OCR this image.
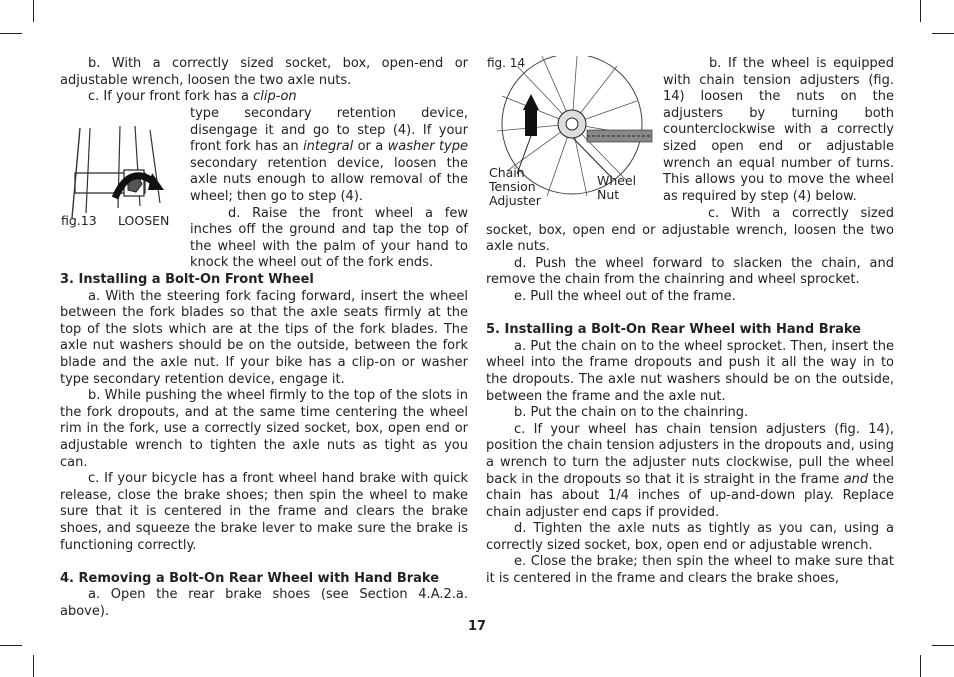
b. With a correctly sized socket, box, open-end or adjustable wrench, loosen the two axle nuts.

c. If your front fork has a clip-on

type secondary retention device, disengage it and go to step (4). If your front fork has an integral or a washer type secondary retention device, loosen the axle nuts enough to allow removal of the wheel; then go to step (4).

d. Raise the front wheel a few inches off the ground and tap the top of the wheel with the palm of your hand to knock the wheel out of the fork ends.

fig.13 LOOSEN

3. Installing a Bolt-On Front Wheel

a. With the steering fork facing forward, insert the wheel between the fork blades so that the axle seats firmly at the top of the slots which are at the tips of the fork blades. The axle nut washers should be on the outside, between the fork blade and the axle nut. If your bike has a clip-on or washer type secondary retention device, engage it.

b. While pushing the wheel firmly to the top of the slots in the fork dropouts, and at the same time centering the wheel rim in the fork, use a correctly sized socket, box, open end or adjustable wrench to tighten the axle nuts as tight as you can.

c. If your bicycle has a front wheel hand brake with quick release, close the brake shoes; then spin the wheel to make sure that it is centered in the frame and clears the brake shoes, and squeeze the brake lever to make sure the brake is functioning correctly.

4. Removing a Bolt-On Rear Wheel with Hand Brake

a. Open the rear brake shoes (see Section 4.A.2.a. above).

fig. 14
Chain Tension Adjuster
Wheel Nut

b. If the wheel is equipped with chain tension adjusters (fig. 14) loosen the nuts on the adjusters by turning both counterclockwise with a correctly sized open end or adjustable wrench an equal number of turns. This allows you to move the wheel as required by step (4) below.

c. With a correctly sized socket, box, open end or adjustable wrench, loosen the two axle nuts.

d. Push the wheel forward to slacken the chain, and remove the chain from the chainring and wheel sprocket.

e. Pull the wheel out of the frame.

5. Installing a Bolt-On Rear Wheel with Hand Brake

a. Put the chain on to the wheel sprocket. Then, insert the wheel into the frame dropouts and push it all the way in to the dropouts. The axle nut washers should be on the outside, between the frame and the axle nut.

b. Put the chain on to the chainring.

c. If your wheel has chain tension adjusters (fig. 14), position the chain tension adjusters in the dropouts and, using a wrench to turn the adjuster nuts clockwise, pull the wheel back in the dropouts so that it is straight in the frame and the chain has about 1/4 inches of up-and-down play. Replace chain adjuster end caps if provided.

d. Tighten the axle nuts as tightly as you can, using a correctly sized socket, box, open end or adjustable wrench.

e. Close the brake; then spin the wheel to make sure that it is centered in the frame and clears the brake shoes,

17
